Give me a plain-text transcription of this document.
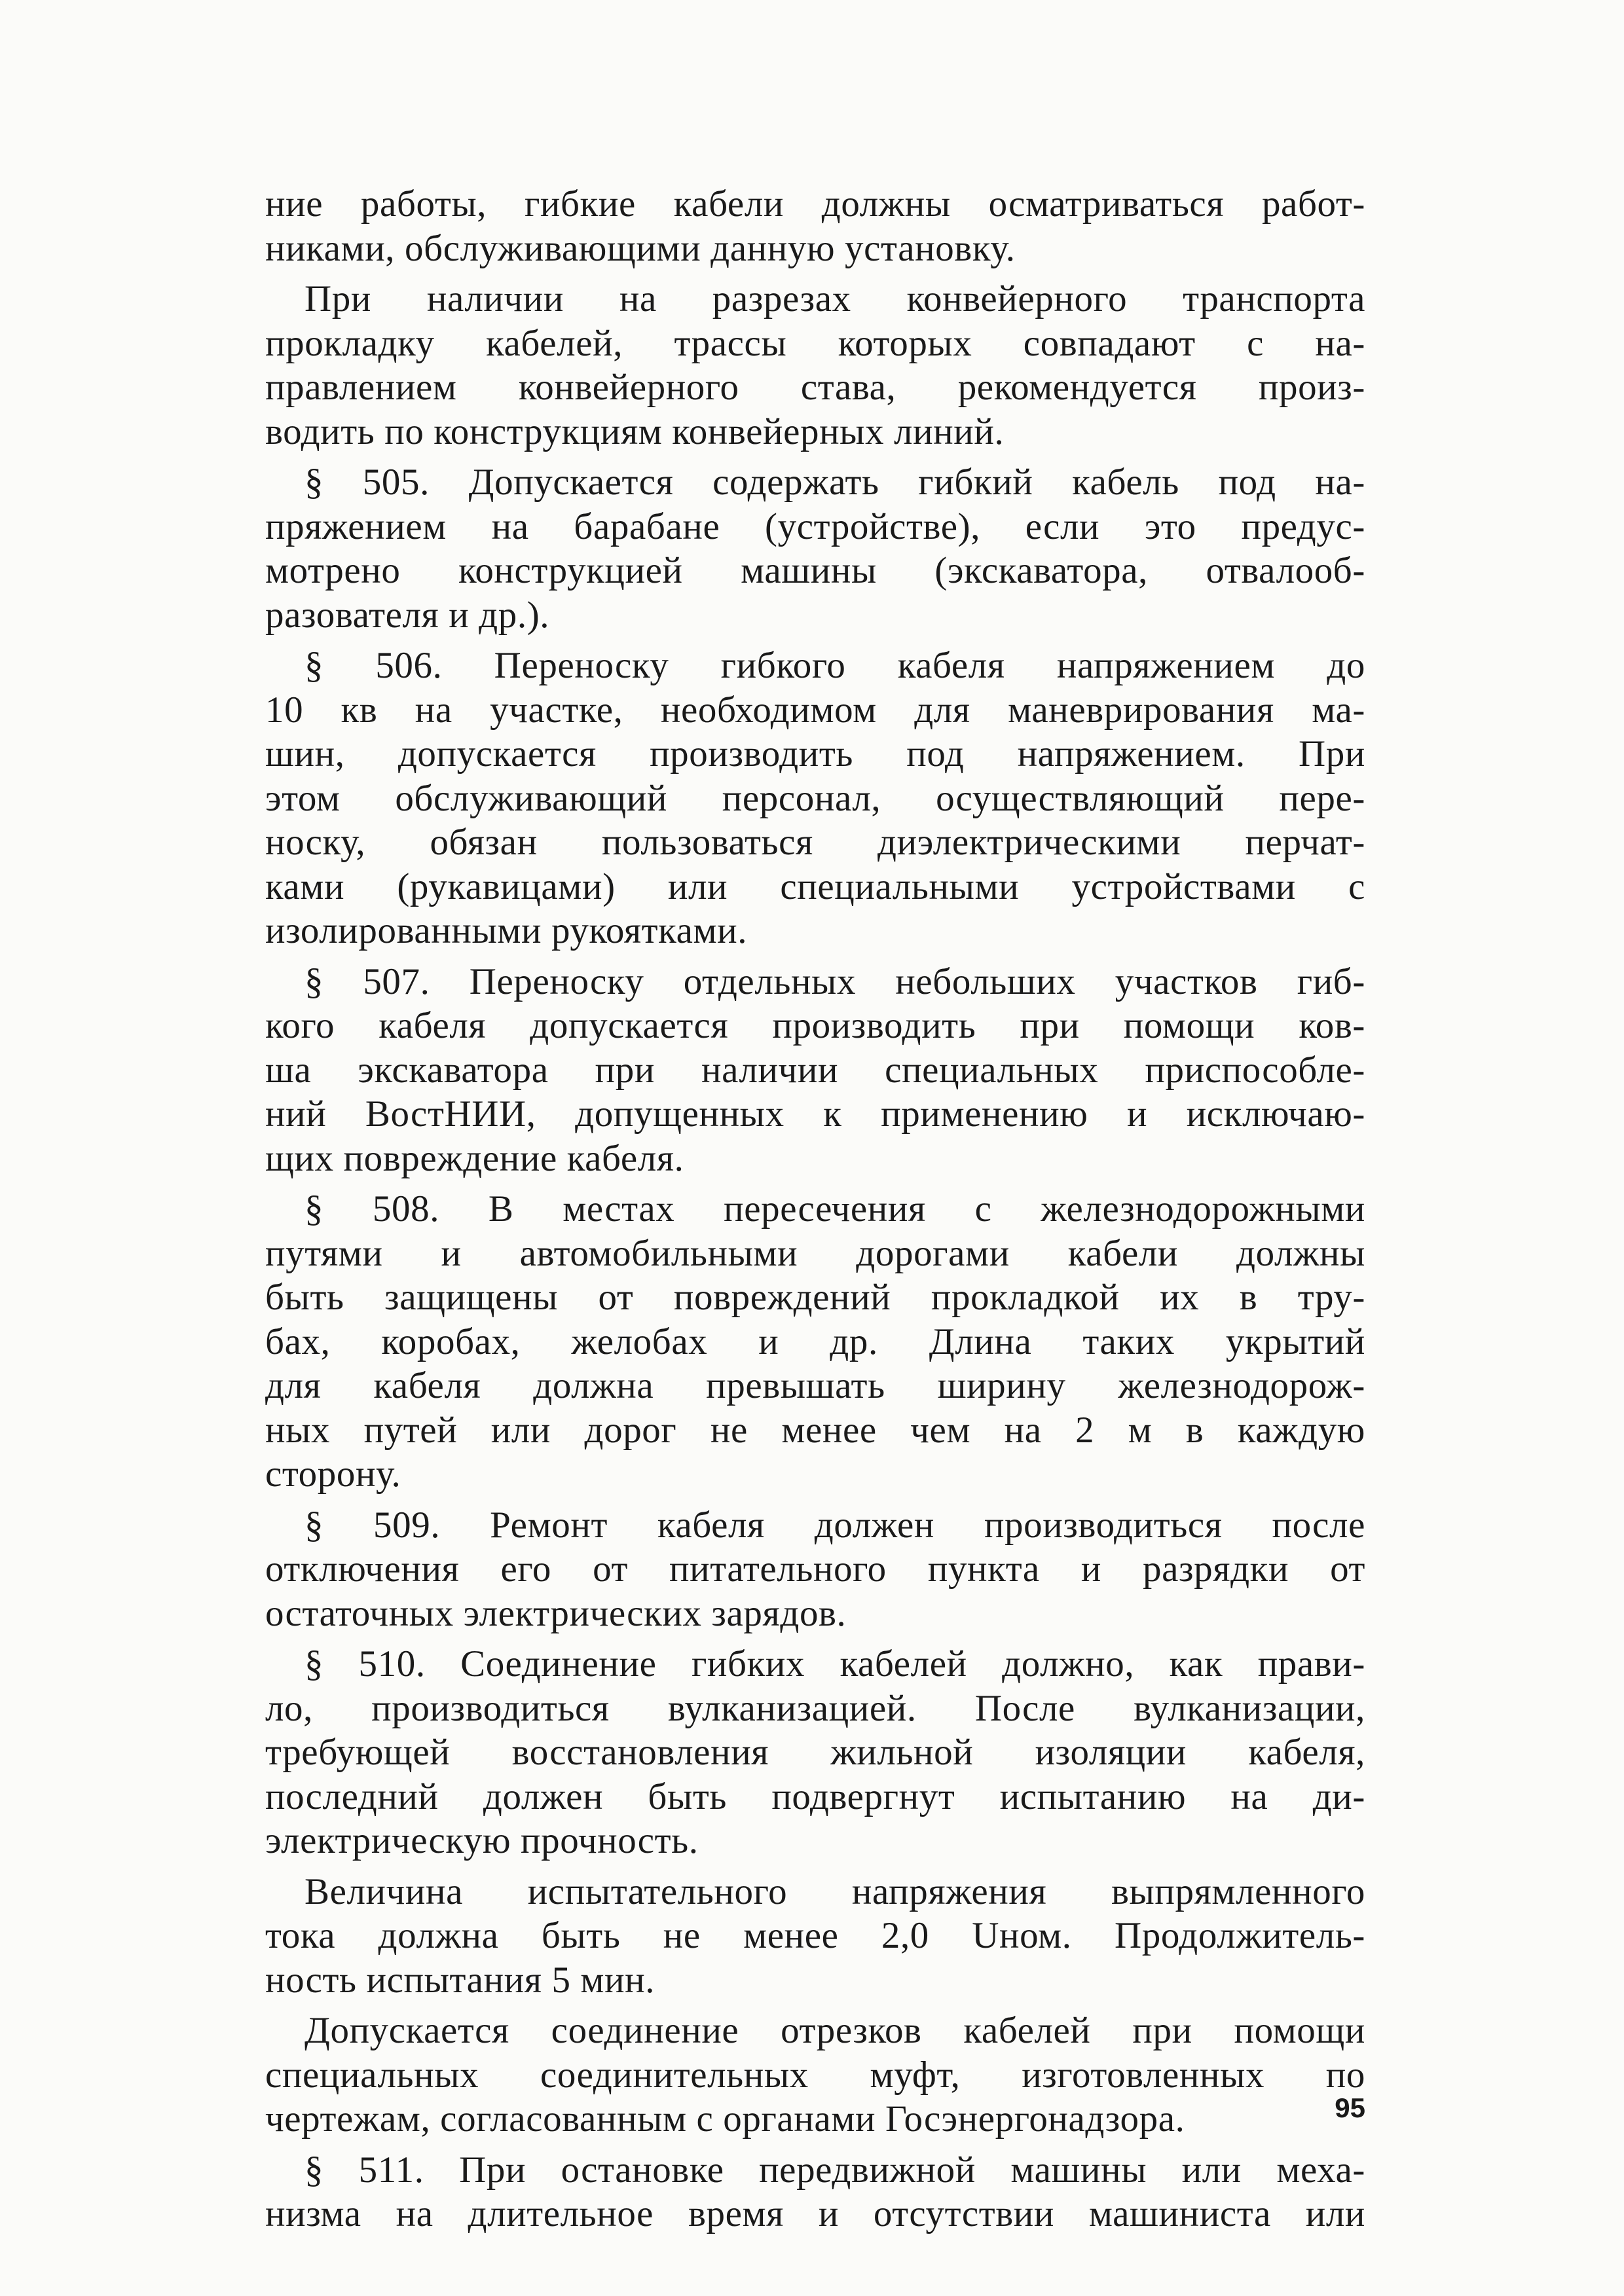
ние работы, гибкие кабели должны осматриваться работ-
никами, обслуживающими данную установку.
При наличии на разрезах конвейерного транспорта
прокладку кабелей, трассы которых совпадают с на-
правлением конвейерного става, рекомендуется произ-
водить по конструкциям конвейерных линий.
§ 505. Допускается содержать гибкий кабель под на-
пряжением на барабане (устройстве), если это предус-
мотрено конструкцией машины (экскаватора, отвалооб-
разователя и др.).
§ 506. Переноску гибкого кабеля напряжением до
10 кв на участке, необходимом для маневрирования ма-
шин, допускается производить под напряжением. При
этом обслуживающий персонал, осуществляющий пере-
носку, обязан пользоваться диэлектрическими перчат-
ками (рукавицами) или специальными устройствами с
изолированными рукоятками.
§ 507. Переноску отдельных небольших участков гиб-
кого кабеля допускается производить при помощи ков-
ша экскаватора при наличии специальных приспособле-
ний ВостНИИ, допущенных к применению и исключаю-
щих повреждение кабеля.
§ 508. В местах пересечения с железнодорожными
путями и автомобильными дорогами кабели должны
быть защищены от повреждений прокладкой их в тру-
бах, коробах, желобах и др. Длина таких укрытий
для кабеля должна превышать ширину железнодорож-
ных путей или дорог не менее чем на 2 м в каждую
сторону.
§ 509. Ремонт кабеля должен производиться после
отключения его от питательного пункта и разрядки от
остаточных электрических зарядов.
§ 510. Соединение гибких кабелей должно, как прави-
ло, производиться вулканизацией. После вулканизации,
требующей восстановления жильной изоляции кабеля,
последний должен быть подвергнут испытанию на ди-
электрическую прочность.
Величина испытательного напряжения выпрямленного
тока должна быть не менее 2,0 Uном. Продолжитель-
ность испытания 5 мин.
Допускается соединение отрезков кабелей при помощи
специальных соединительных муфт, изготовленных по
чертежам, согласованным с органами Госэнергонадзора.
§ 511. При остановке передвижной машины или меха-
низма на длительное время и отсутствии машиниста или
95
